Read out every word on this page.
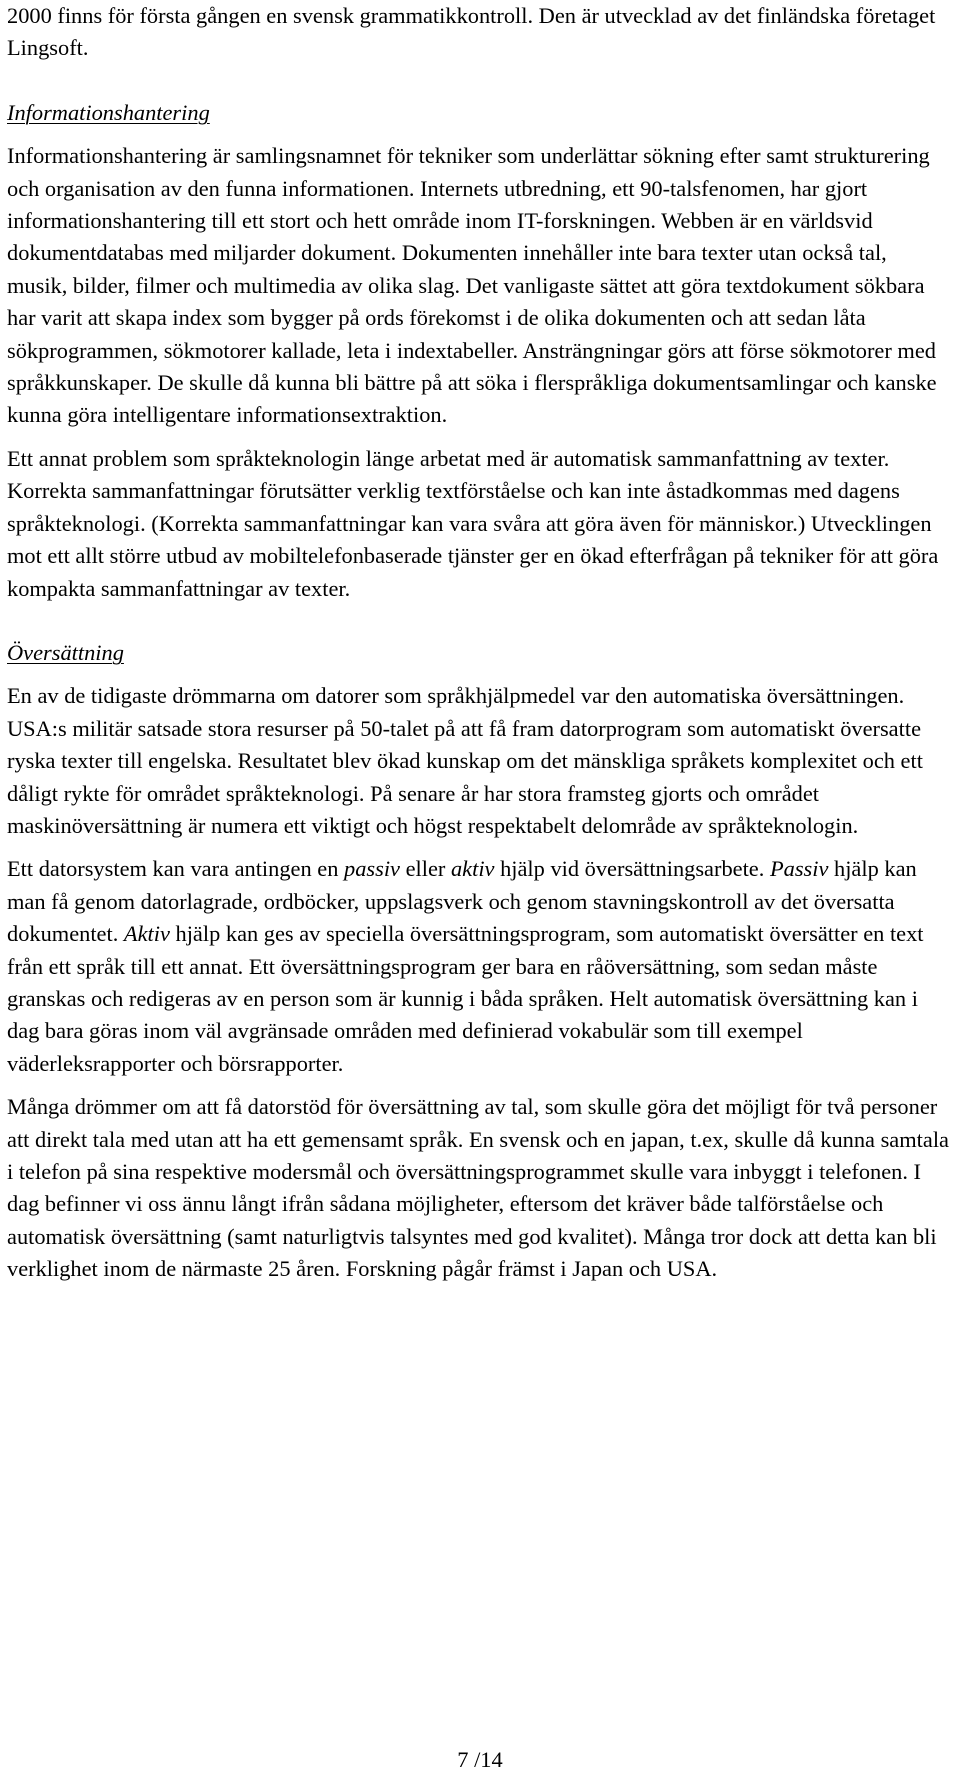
2000 finns för första gången en svensk grammatikkontroll. Den är utvecklad av det finländska företaget Lingsoft.

Informationshantering

Informationshantering är samlingsnamnet för tekniker som underlättar sökning efter samt strukturering och organisation av den funna informationen. Internets utbredning, ett 90-talsfenomen, har gjort informationshantering till ett stort och hett område inom IT-forskningen. Webben är en världsvid dokumentdatabas med miljarder dokument. Dokumenten innehåller inte bara texter utan också tal, musik, bilder, filmer och multimedia av olika slag. Det vanligaste sättet att göra textdokument sökbara har varit att skapa index som bygger på ords förekomst i de olika dokumenten och att sedan låta sökprogrammen, sökmotorer kallade, leta i indextabeller. Ansträngningar görs att förse sökmotorer med språkkunskaper. De skulle då kunna bli bättre på att söka i flerspråkliga dokumentsamlingar och kanske kunna göra intelligentare informationsextraktion.

Ett annat problem som språkteknologin länge arbetat med är automatisk sammanfattning av texter. Korrekta sammanfattningar förutsätter verklig textförståelse och kan inte åstadkommas med dagens språkteknologi. (Korrekta sammanfattningar kan vara svåra att göra även för människor.) Utvecklingen mot ett allt större utbud av mobiltelefonbaserade tjänster ger en ökad efterfrågan på tekniker för att göra kompakta sammanfattningar av texter.

Översättning

En av de tidigaste drömmarna om datorer som språkhjälpmedel var den automatiska översättningen. USA:s militär satsade stora resurser på 50-talet på att få fram datorprogram som automatiskt översatte ryska texter till engelska. Resultatet blev ökad kunskap om det mänskliga språkets komplexitet och ett dåligt rykte för området språkteknologi. På senare år har stora framsteg gjorts och området maskinöversättning är numera ett viktigt och högst respektabelt delområde av språkteknologin.

Ett datorsystem kan vara antingen en passiv eller aktiv hjälp vid översättningsarbete. Passiv hjälp kan man få genom datorlagrade, ordböcker, uppslagsverk och genom stavningskontroll av det översatta dokumentet. Aktiv hjälp kan ges av speciella översättningsprogram, som automatiskt översätter en text från ett språk till ett annat. Ett översättningsprogram ger bara en råöversättning, som sedan måste granskas och redigeras av en person som är kunnig i båda språken. Helt automatisk översättning kan i dag bara göras inom väl avgränsade områden med definierad vokabulär som till exempel väderleksrapporter och börsrapporter.

Många drömmer om att få datorstöd för översättning av tal, som skulle göra det möjligt för två personer att direkt tala med utan att ha ett gemensamt språk. En svensk och en japan, t.ex, skulle då kunna samtala i telefon på sina respektive modersmål och översättningsprogrammet skulle vara inbyggt i telefonen. I dag befinner vi oss ännu långt ifrån sådana möjligheter, eftersom det kräver både talförståelse och automatisk översättning (samt naturligtvis talsyntes med god kvalitet). Många tror dock att detta kan bli verklighet inom de närmaste 25 åren. Forskning pågår främst i Japan och USA.

7 /14
